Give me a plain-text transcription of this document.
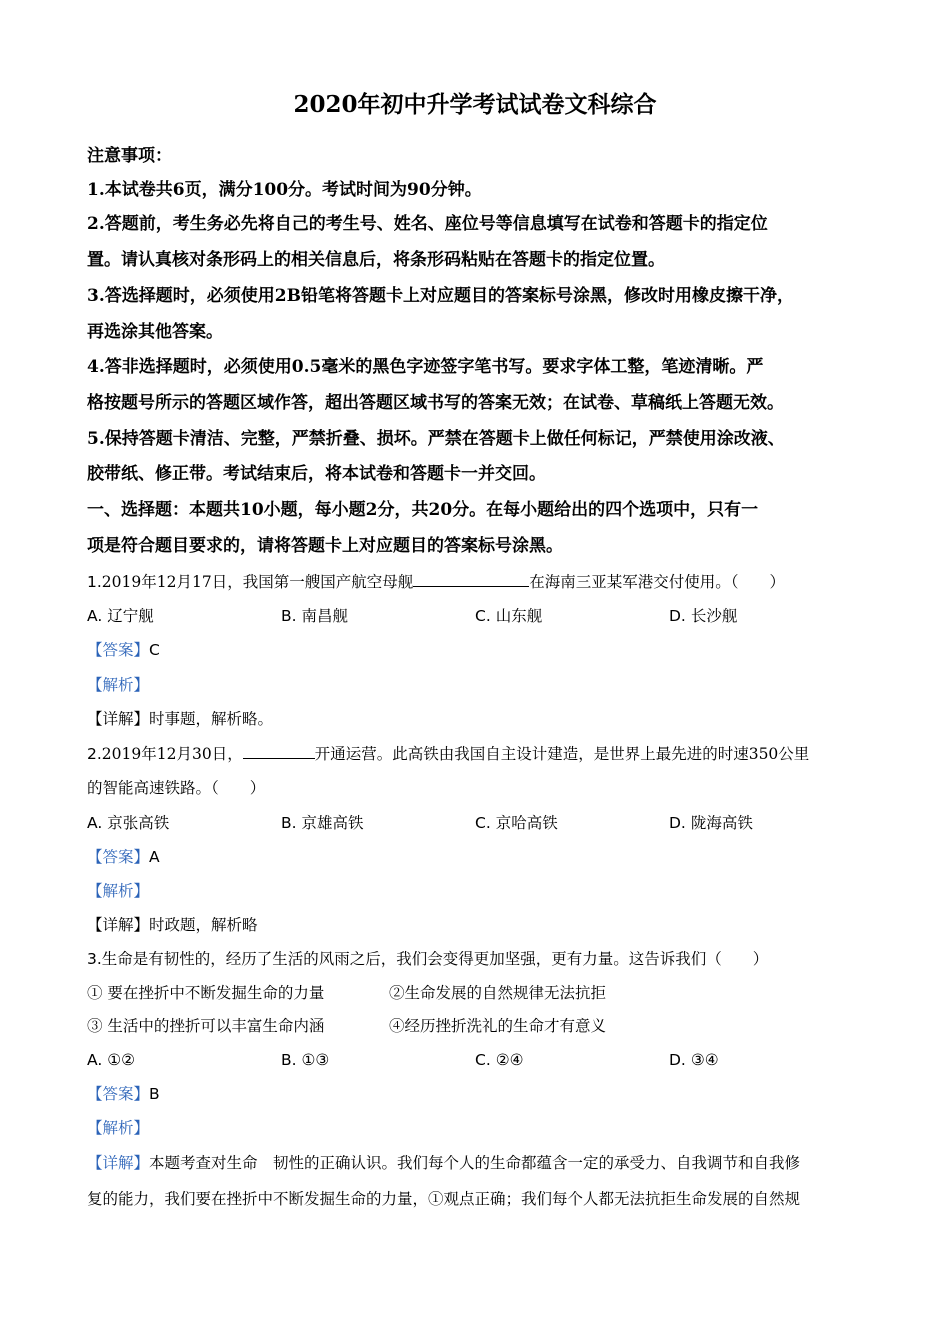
2020年初中升学考试试卷文科综合
注意事项：
1.本试卷共6页，满分100分。考试时间为90分钟。
2.答题前，考生务必先将自己的考生号、姓名、座位号等信息填写在试卷和答题卡的指定位
置。请认真核对条形码上的相关信息后，将条形码粘贴在答题卡的指定位置。
3.答选择题时，必须使用2B铅笔将答题卡上对应题目的答案标号涂黑，修改时用橡皮擦干净，
再选涂其他答案。
4.答非选择题时，必须使用0.5毫米的黑色字迹签字笔书写。要求字体工整，笔迹清晰。严
格按题号所示的答题区域作答，超出答题区域书写的答案无效；在试卷、草稿纸上答题无效。
5.保持答题卡清洁、完整，严禁折叠、损坏。严禁在答题卡上做任何标记，严禁使用涂改液、
胶带纸、修正带。考试结束后，将本试卷和答题卡一并交回。
一、选择题：本题共10小题，每小题2分，共20分。在每小题给出的四个选项中，只有一
项是符合题目要求的，请将答题卡上对应题目的答案标号涂黑。
1.2019年12月17日，我国第一艘国产航空母舰	在海南三亚某军港交付使用。（　　）
A. 辽宁舰	B. 南昌舰	C. 山东舰	D. 长沙舰
【答案】C
【解析】
【详解】时事题，解析略。
2.2019年12月30日，	开通运营。此高铁由我国自主设计建造，是世界上最先进的时速350公里
的智能高速铁路。（　　）
A. 京张高铁	B. 京雄高铁	C. 京哈高铁	D. 陇海高铁
【答案】A
【解析】
【详解】时政题，解析略
3.生命是有韧性的，经历了生活的风雨之后，我们会变得更加坚强，更有力量。这告诉我们（　　）
① 要在挫折中不断发掘生命的力量	②生命发展的自然规律无法抗拒
③ 生活中的挫折可以丰富生命内涵	④经历挫折洗礼的生命才有意义
A. ①②	B. ①③	C. ②④	D. ③④
【答案】B
【解析】
【详解】本题考查对生命　韧性的正确认识。我们每个人的生命都蕴含一定的承受力、自我调节和自我修
复的能力，我们要在挫折中不断发掘生命的力量，①观点正确；我们每个人都无法抗拒生命发展的自然规
